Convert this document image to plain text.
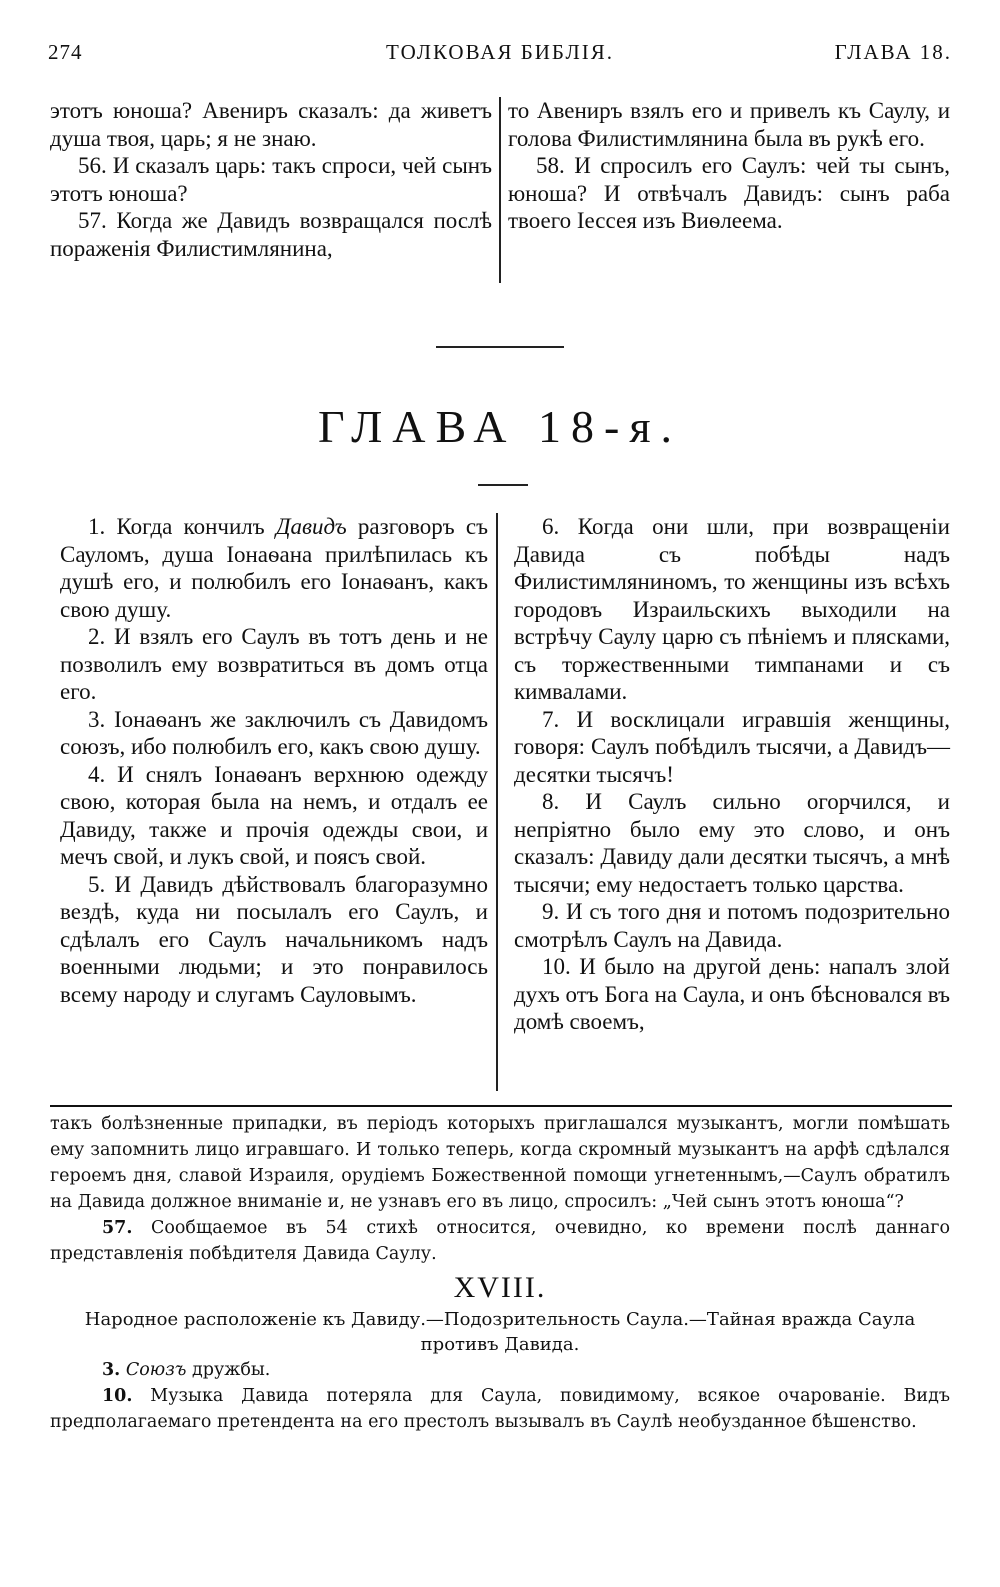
ТОЛКОВАЯ БИБЛІЯ.
274	ГЛАВА 18.

этотъ юноша? Авениръ сказалъ: да живетъ душа твоя, царь; я не знаю.

56. И сказалъ царь: такъ спроси, чей сынъ этотъ юноша?

57. Когда же Давидъ возвращался послѣ пораженія Филистимлянина,

то Авениръ взялъ его и привелъ къ Саулу, и голова Филистимлянина была въ рукѣ его.

58. И спросилъ его Саулъ: чей ты сынъ, юноша? И отвѣчалъ Давидъ: сынъ раба твоего Іессея изъ Виѳлеема.

ГЛАВА 18-я.

1. Когда кончилъ Давидъ разговоръ съ Сауломъ, душа Іонаѳана прилѣпилась къ душѣ его, и полюбилъ его Іонаѳанъ, какъ свою душу.

2. И взялъ его Саулъ въ тотъ день и не позволилъ ему возвратиться въ домъ отца его.

3. Іонаѳанъ же заключилъ съ Давидомъ союзъ, ибо полюбилъ его, какъ свою душу.

4. И снялъ Іонаѳанъ верхнюю одежду свою, которая была на немъ, и отдалъ ее Давиду, также и прочія одежды свои, и мечъ свой, и лукъ свой, и поясъ свой.

5. И Давидъ дѣйствовалъ благоразумно вездѣ, куда ни посылалъ его Саулъ, и сдѣлалъ его Саулъ начальникомъ надъ военными людьми; и это понравилось всему народу и слугамъ Сауловымъ.

6. Когда они шли, при возвращеніи Давида съ побѣды надъ Филистимляниномъ, то женщины изъ всѣхъ городовъ Израильскихъ выходили на встрѣчу Саулу царю съ пѣніемъ и плясками, съ торжественными тимпанами и съ кимвалами.

7. И восклицали игравшія женщины, говоря: Саулъ побѣдилъ тысячи, а Давидъ—десятки тысячъ!

8. И Саулъ сильно огорчился, и непріятно было ему это слово, и онъ сказалъ: Давиду дали десятки тысячъ, а мнѣ тысячи; ему недостаетъ только царства.

9. И съ того дня и потомъ подозрительно смотрѣлъ Саулъ на Давида.

10. И было на другой день: напалъ злой духъ отъ Бога на Саула, и онъ бѣсновался въ домѣ своемъ,

такъ болѣзненные припадки, въ періодъ которыхъ приглашался музыкантъ, могли помѣшать ему запомнить лицо игравшаго. И только теперь, когда скромный музыкантъ на арфѣ сдѣлался героемъ дня, славой Израиля, орудіемъ Божественной помощи угнетеннымъ,—Саулъ обратилъ на Давида должное вниманіе и, не узнавъ его въ лицо, спросилъ: „Чей сынъ этотъ юноша“?

57. Сообщаемое въ 54 стихѣ относится, очевидно, ко времени послѣ даннаго представленія побѣдителя Давида Саулу.

XVIII.

Народное расположеніе къ Давиду.—Подозрительность Саула.—Тайная вражда Саула противъ Давида.

3. Союзъ дружбы.

10. Музыка Давида потеряла для Саула, повидимому, всякое очарованіе. Видъ предполагаемаго претендента на его престолъ вызывалъ въ Саулѣ необузданное бѣшенство.
